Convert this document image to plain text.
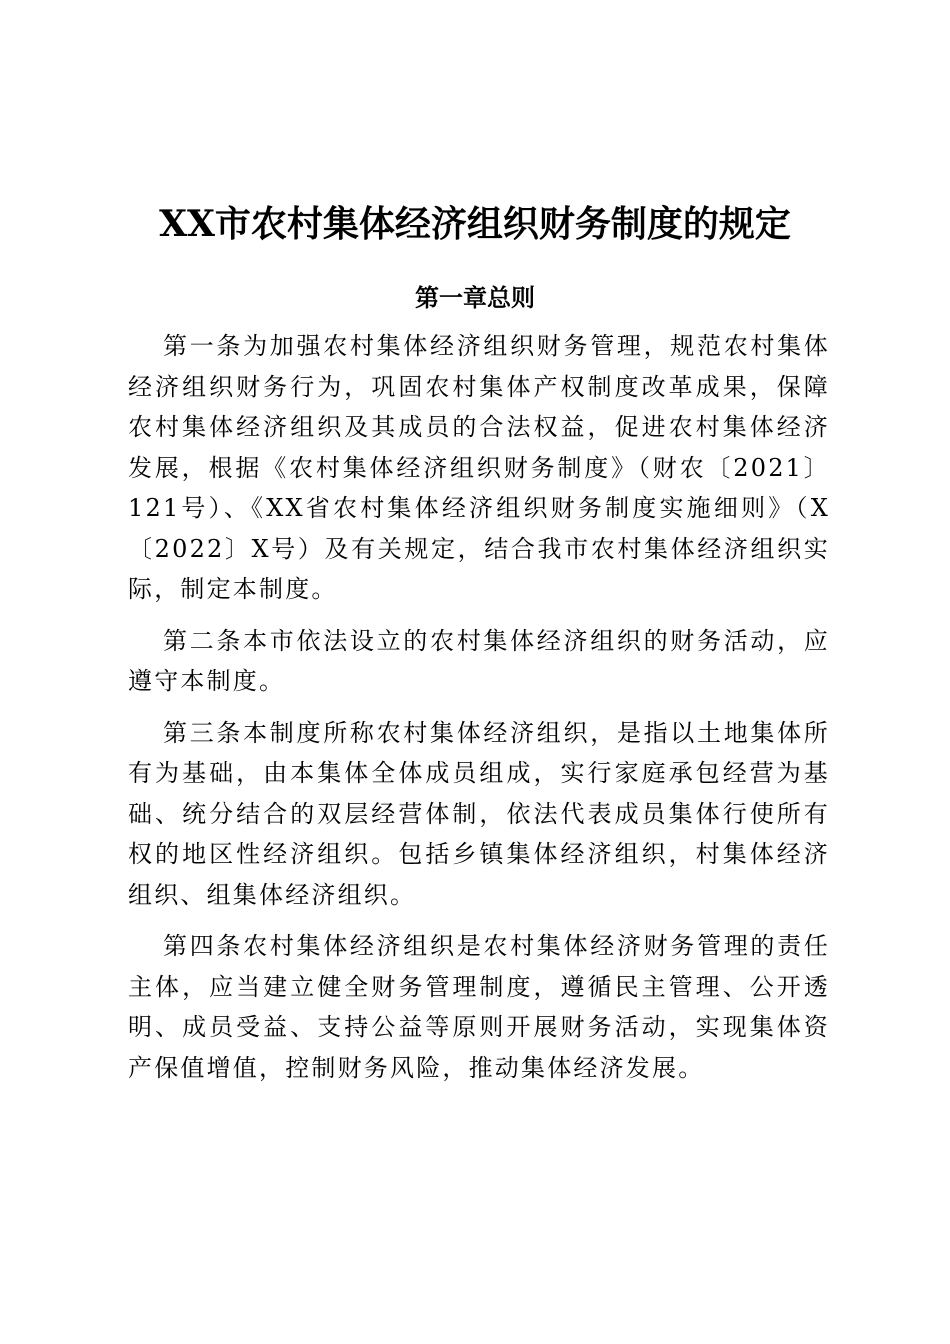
XX市农村集体经济组织财务制度的规定
第一章总则

第一条为加强农村集体经济组织财务管理，规范农村集体经济组织财务行为，巩固农村集体产权制度改革成果，保障农村集体经济组织及其成员的合法权益，促进农村集体经济发展，根据《农村集体经济组织财务制度》（财农〔2021〕121号）、《XX省农村集体经济组织财务制度实施细则》（X〔2022〕X号）及有关规定，结合我市农村集体经济组织实际，制定本制度。

第二条本市依法设立的农村集体经济组织的财务活动，应遵守本制度。

第三条本制度所称农村集体经济组织，是指以土地集体所有为基础，由本集体全体成员组成，实行家庭承包经营为基础、统分结合的双层经营体制，依法代表成员集体行使所有权的地区性经济组织。包括乡镇集体经济组织，村集体经济组织、组集体经济组织。

第四条农村集体经济组织是农村集体经济财务管理的责任主体，应当建立健全财务管理制度，遵循民主管理、公开透明、成员受益、支持公益等原则开展财务活动，实现集体资产保值增值，控制财务风险，推动集体经济发展。
